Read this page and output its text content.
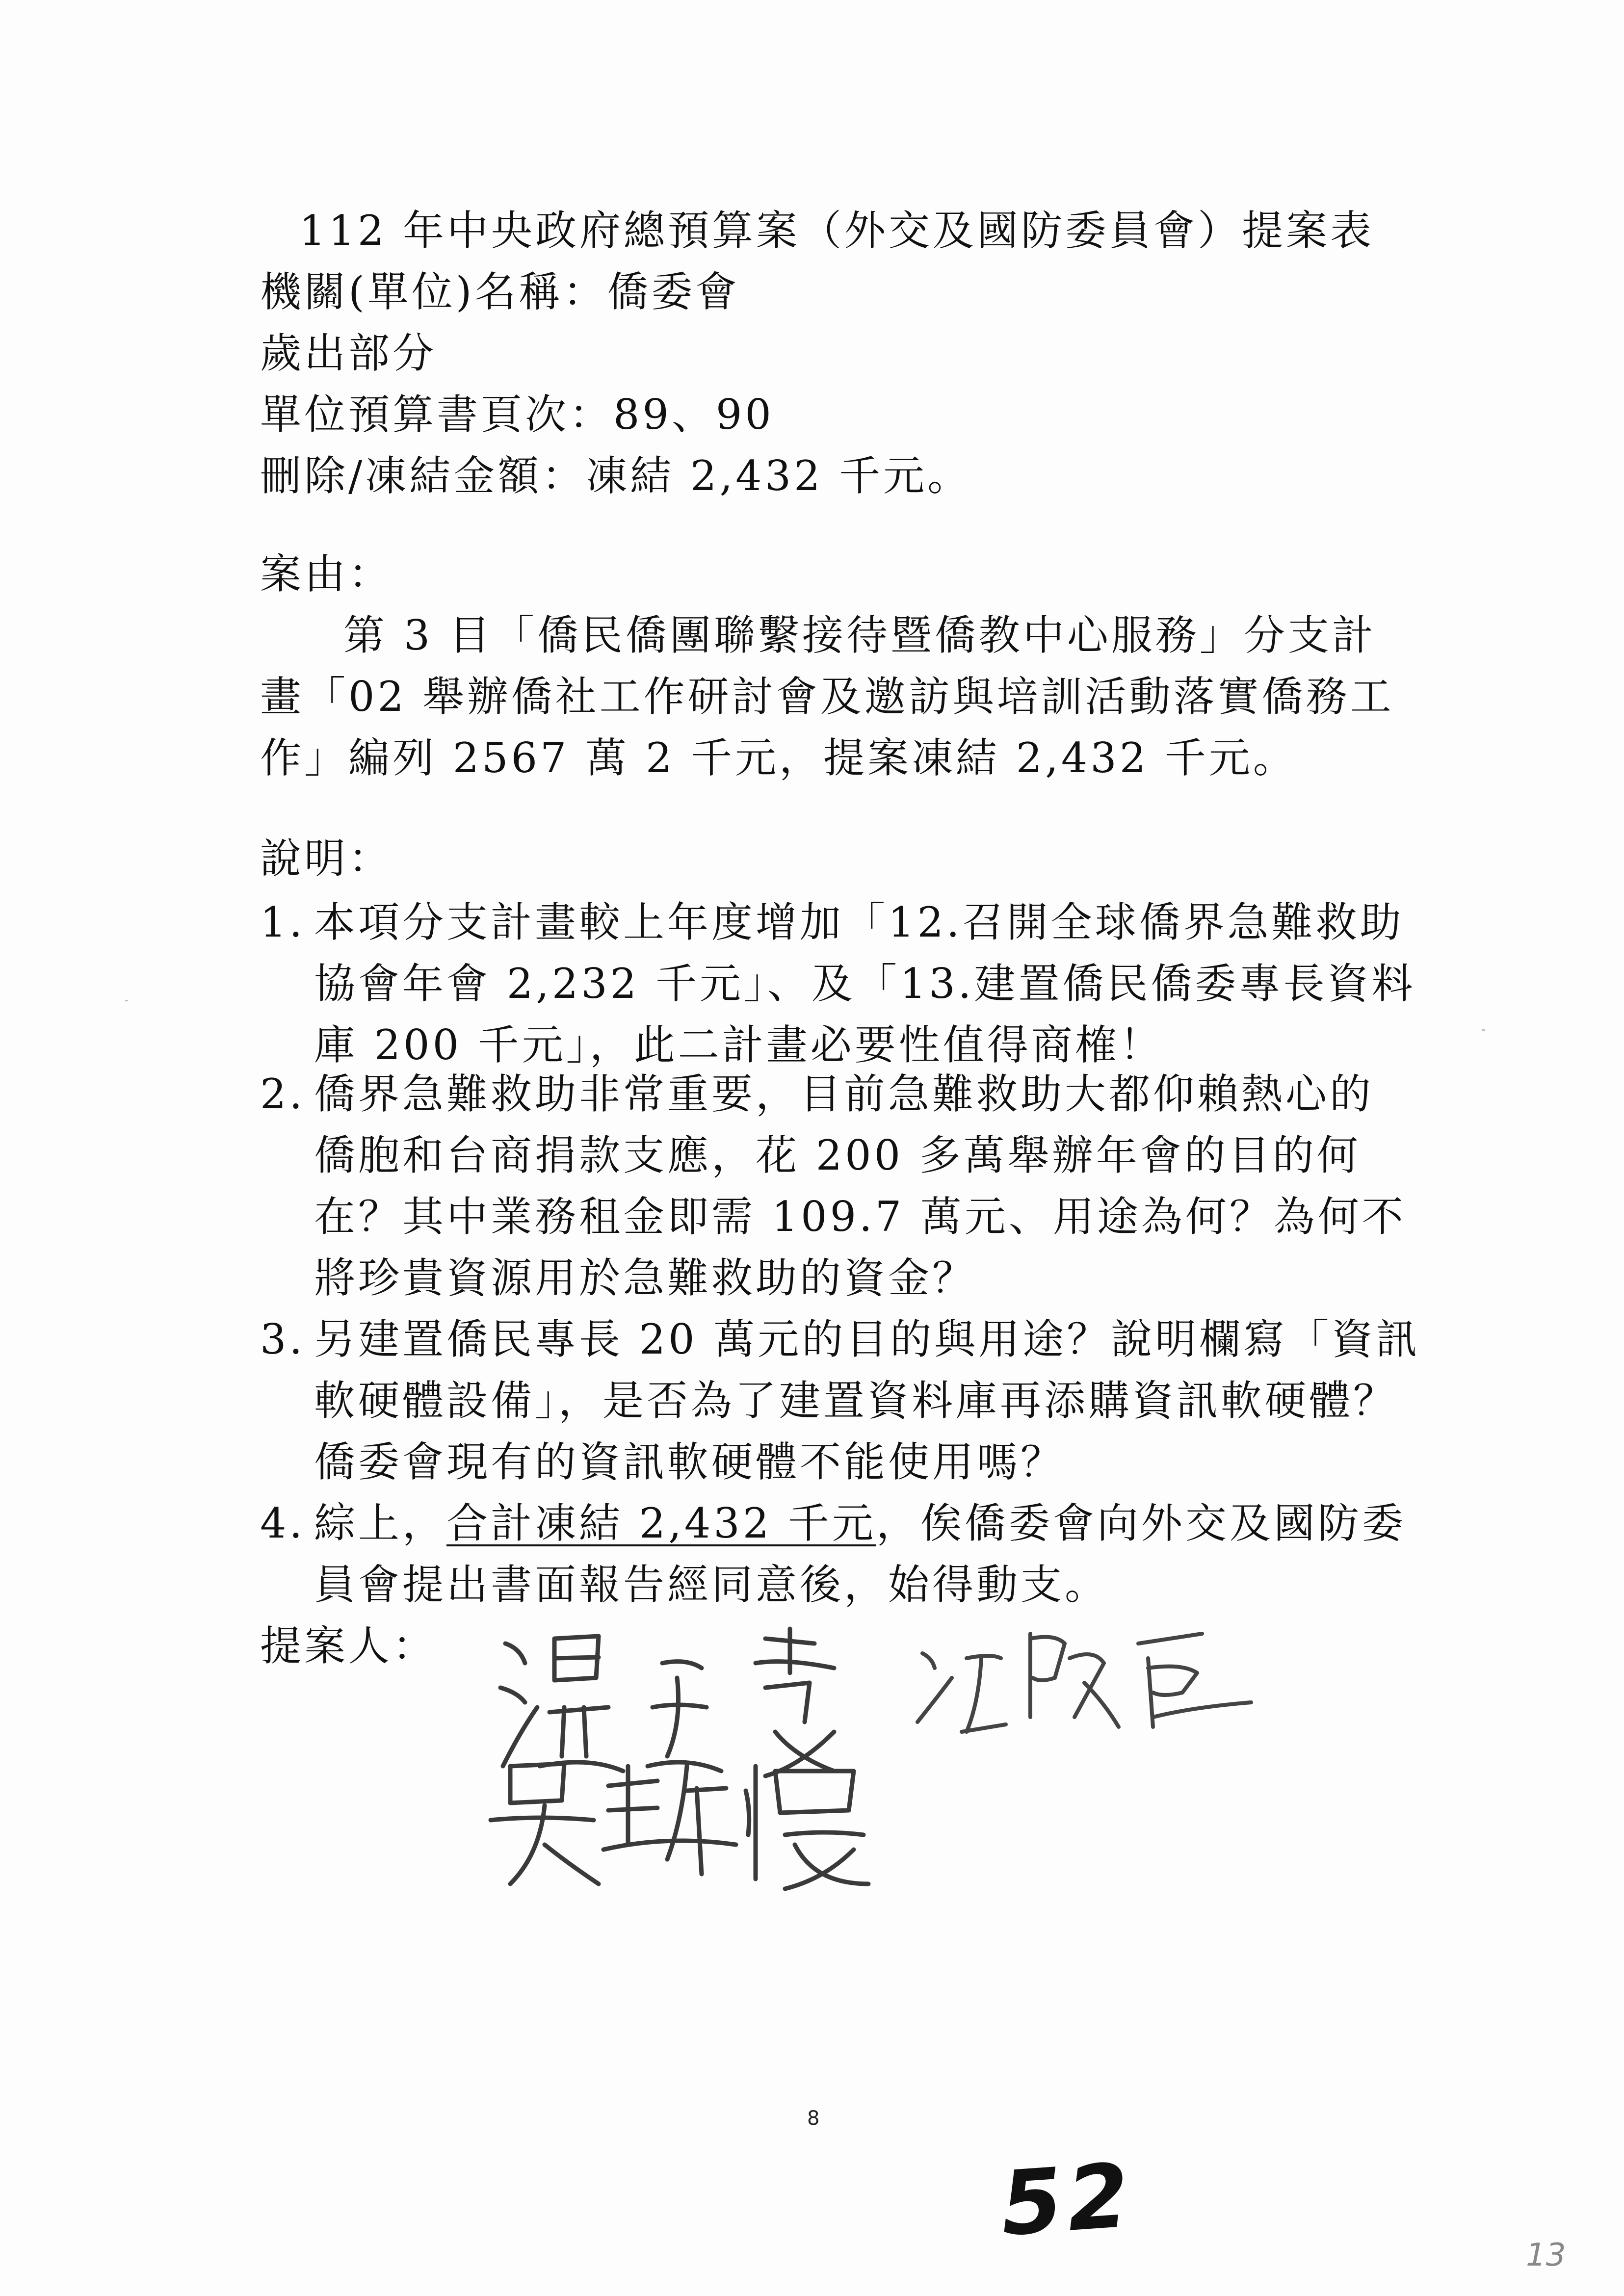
112 年中央政府總預算案（外交及國防委員會）提案表
機關(單位)名稱：僑委會
歲出部分
單位預算書頁次：89、90
刪除/凍結金額：凍結 2,432 千元。
案由：
第 3 目「僑民僑團聯繫接待暨僑教中心服務」分支計
畫「02 舉辦僑社工作研討會及邀訪與培訓活動落實僑務工
作」編列 2567 萬 2 千元，提案凍結 2,432 千元。
說明：
1. 本項分支計畫較上年度增加「12.召開全球僑界急難救助
協會年會 2,232 千元」、及「13.建置僑民僑委專長資料
庫 200 千元」，此二計畫必要性值得商榷！
2. 僑界急難救助非常重要，目前急難救助大都仰賴熱心的
僑胞和台商捐款支應，花 200 多萬舉辦年會的目的何
在？其中業務租金即需 109.7 萬元、用途為何？為何不
將珍貴資源用於急難救助的資金？
3. 另建置僑民專長 20 萬元的目的與用途？說明欄寫「資訊
軟硬體設備」，是否為了建置資料庫再添購資訊軟硬體？
僑委會現有的資訊軟硬體不能使用嗎？
4. 綜上，合計凍結 2,432 千元，俟僑委會向外交及國防委
員會提出書面報告經同意後，始得動支。
提案人：
8
52	13
